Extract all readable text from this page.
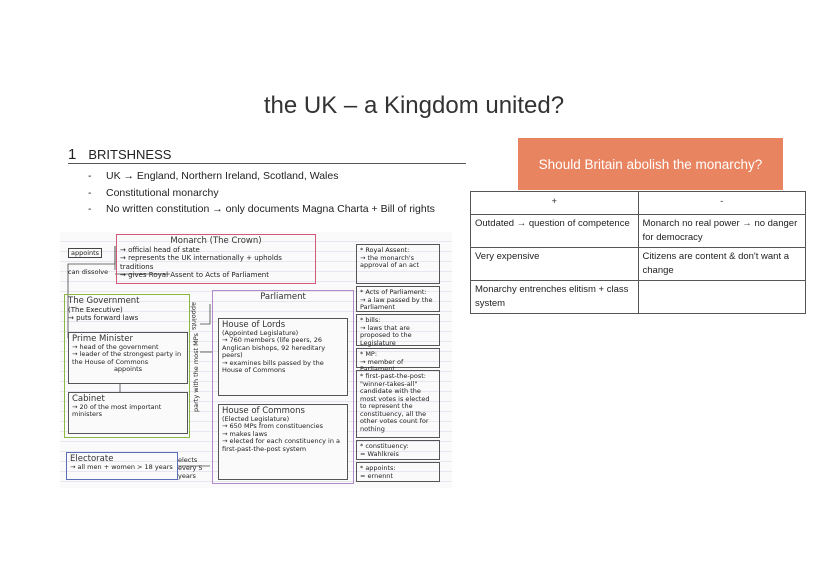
the UK – a Kingdom united?
1 BRITSHNESS
- UK → England, Northern Ireland, Scotland, Wales
- Constitutional monarchy
- No written constitution → only documents Magna Charta + Bill of rights
Should Britain abolish the monarchy?
+	-
Outdated → question of competence	Monarch no real power → no danger for democracy
Very expensive	Citizens are content & don't want a change
Monarchy entrenches elitism + class system	
appoints
can dissolve
Monarch (The Crown)
→ official head of state
→ represents the UK internationally + upholds traditions
→ gives Royal Assent to Acts of Parliament
The Government
(The Executive)
→ puts forward laws
Prime Minister
→ head of the government
→ leader of the strongest party in the House of Commons
appoints
Cabinet
→ 20 of the most important ministers
Electorate
→ all men + women > 18 years
elects every 5 years
Parliament
appoints
party with the most MPs
House of Lords
(Appointed Legislature)
→ 760 members (life peers, 26 Anglican bishops, 92 hereditary peers)
→ examines bills passed by the House of Commons
House of Commons
(Elected Legislature)
→ 650 MPs from constituencies
→ makes laws
→ elected for each constituency in a first-past-the-post system
* Royal Assent:
→ the monarch's approval of an act
* Acts of Parliament:
→ a law passed by the Parliament
* bills:
→ laws that are proposed to the Legislature
* MP:
→ member of Parliament
* first-past-the-post:
"winner-takes-all" candidate with the most votes is elected to represent the constituency, all the other votes count for nothing
* constituency:
= Wahlkreis
* appoints:
= ernennt
